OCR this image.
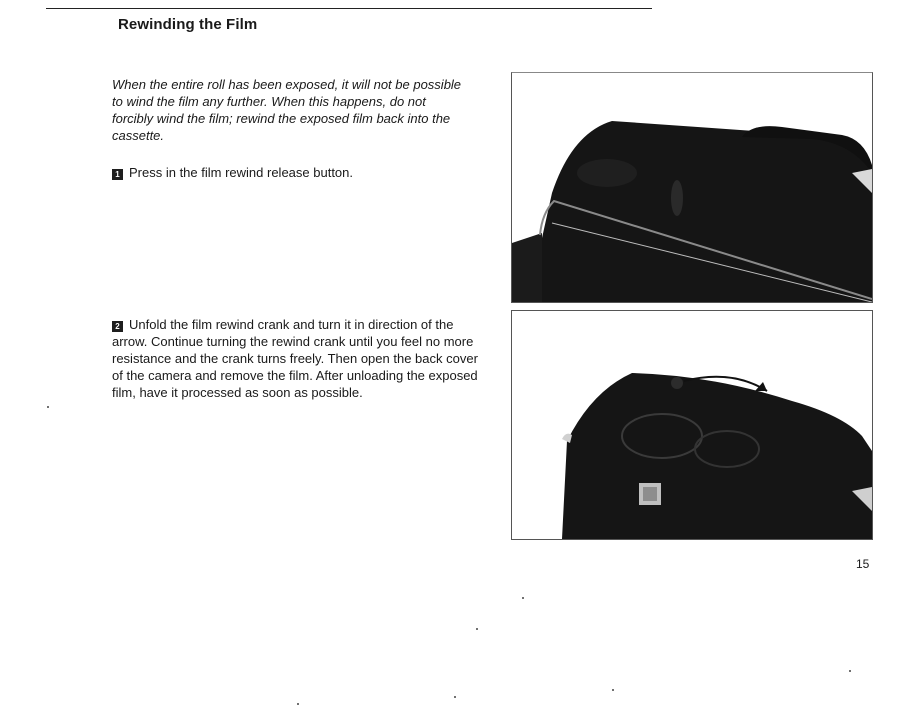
Rewinding the Film

When the entire roll has been exposed, it will not be possible to wind the film any further. When this happens, do not forcibly wind the film; rewind the exposed film back into the cassette.

1 Press in the film rewind release button.

2 Unfold the film rewind crank and turn it in direction of the arrow. Continue turning the rewind crank until you feel no more resistance and the crank turns freely. Then open the back cover of the camera and remove the film. After unloading the exposed film, have it processed as soon as possible.

15
